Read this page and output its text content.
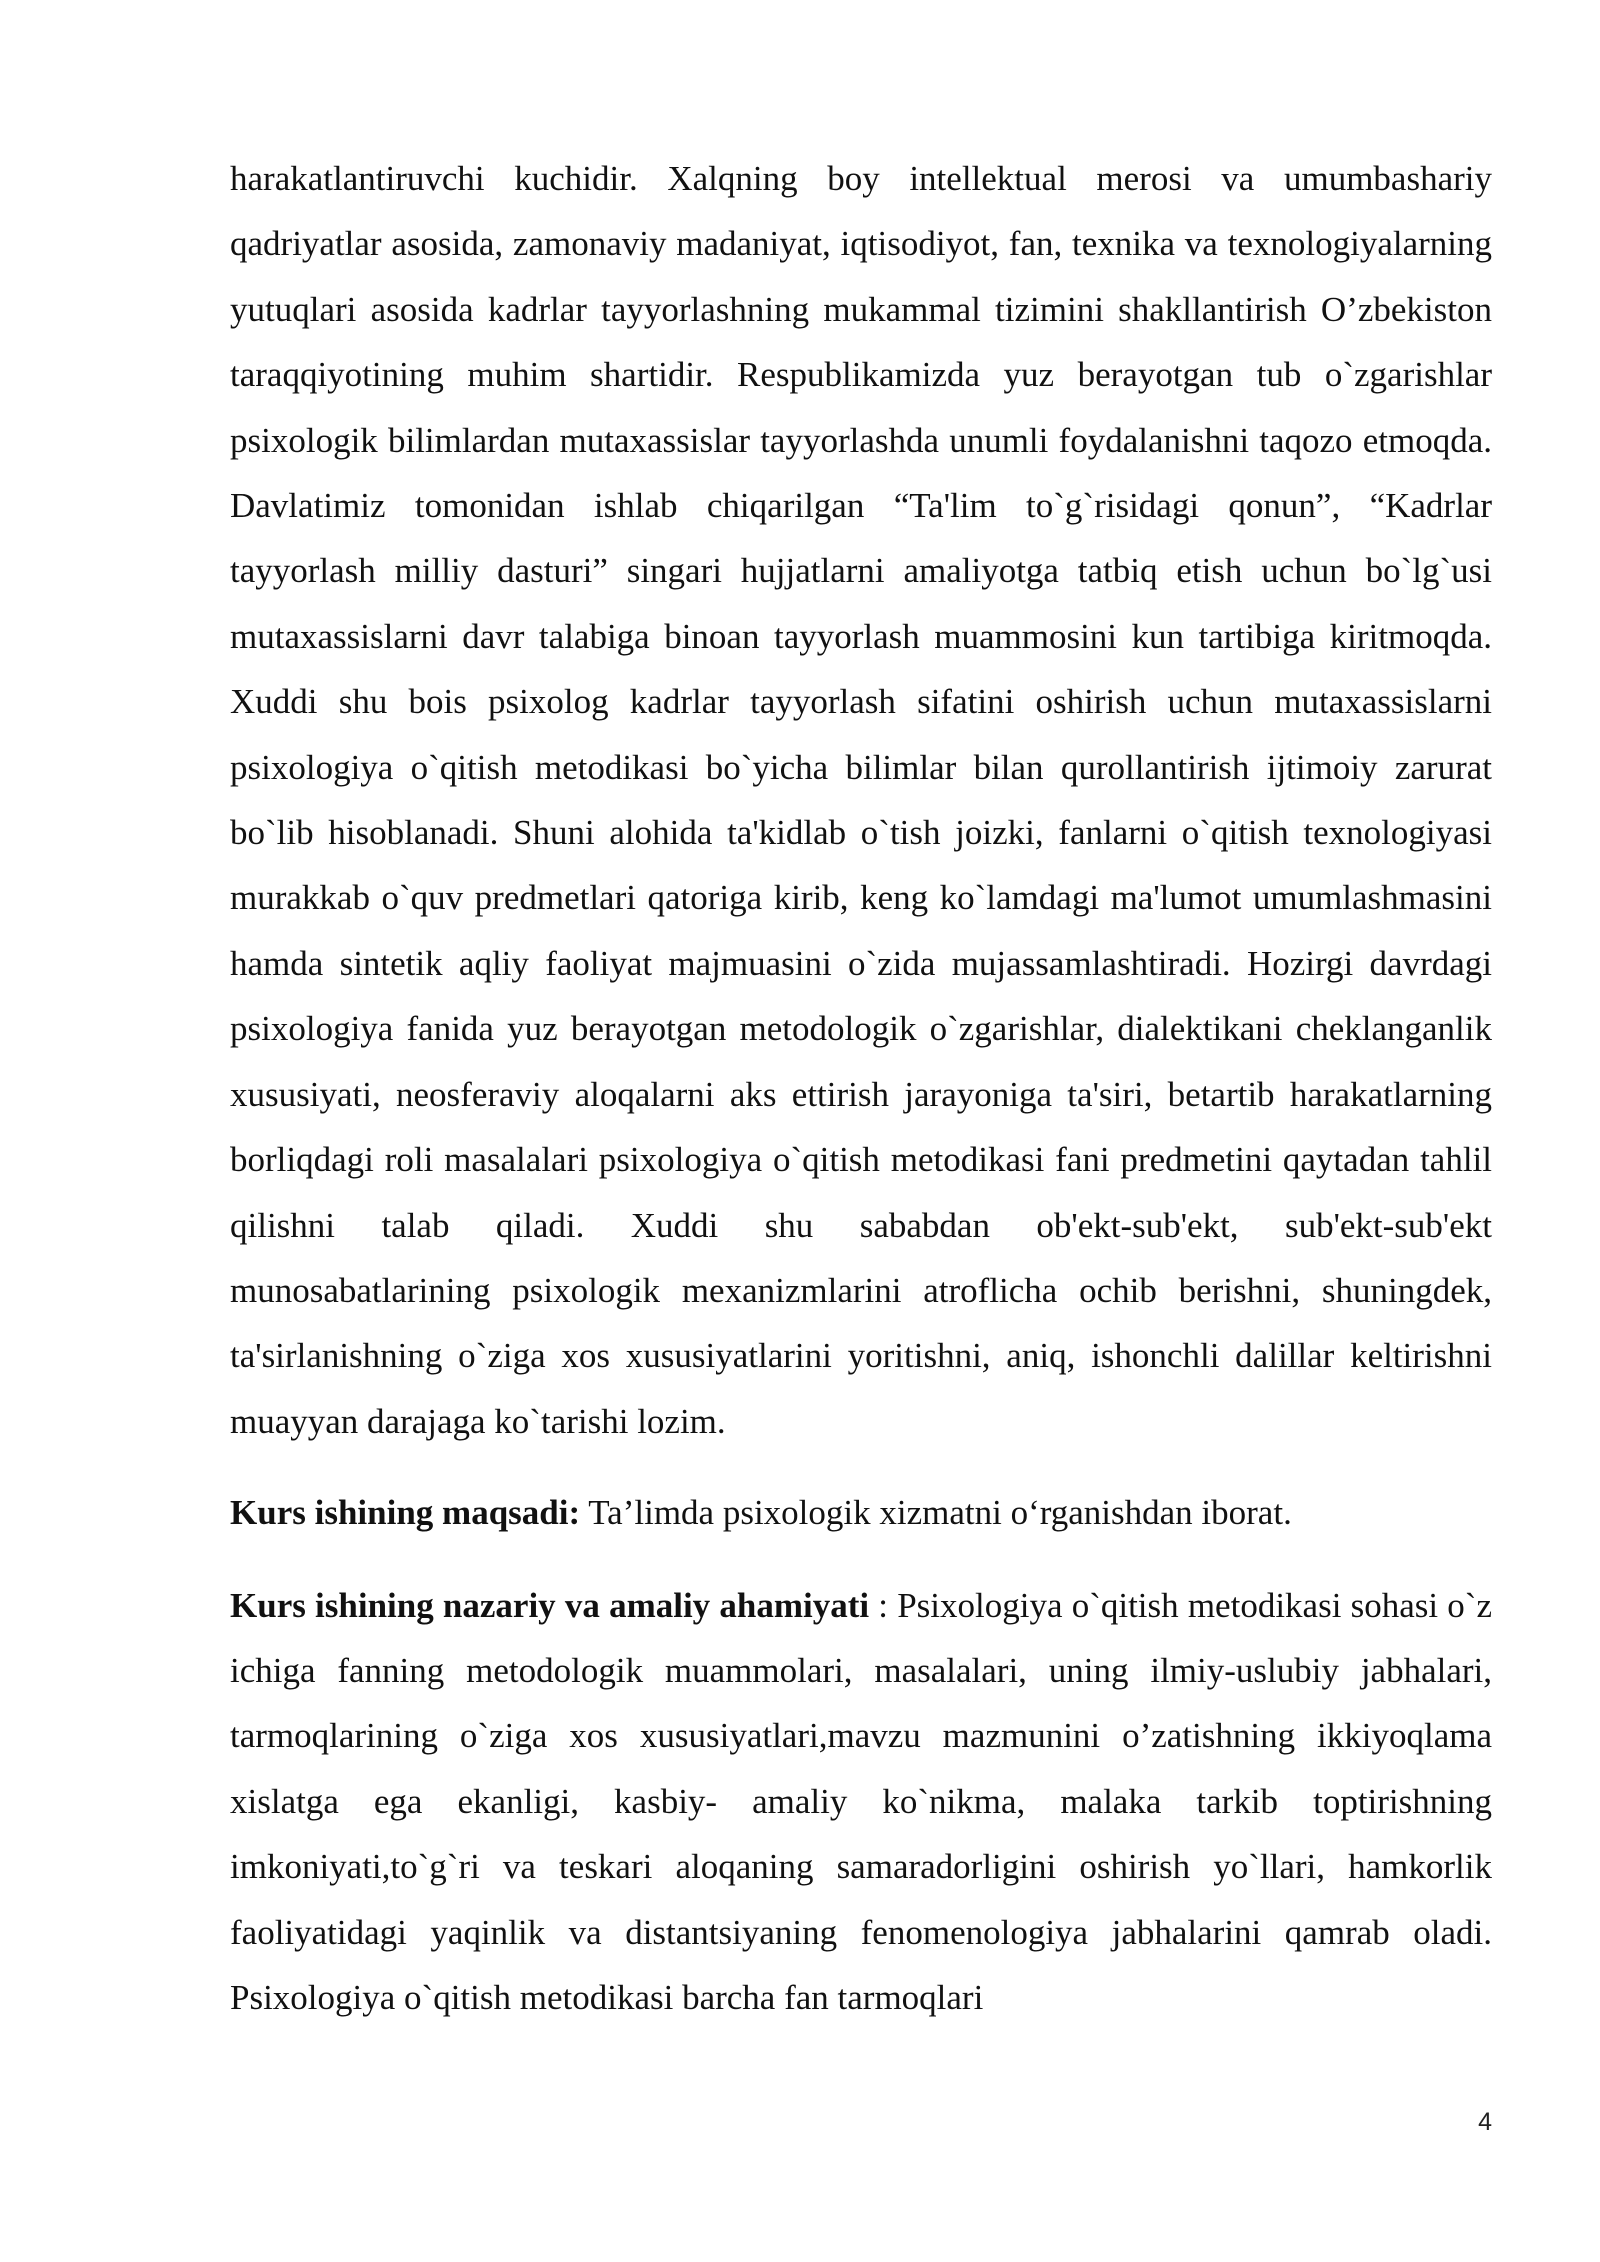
harakatlantiruvchi kuchidir. Xalqning boy intellektual merosi va umumbashariy qadriyatlar asosida, zamonaviy madaniyat, iqtisodiyot, fan, texnika va texnologiyalarning yutuqlari asosida kadrlar tayyorlashning mukammal tizimini shakllantirish O’zbekiston taraqqiyotining muhim shartidir. Respublikamizda yuz berayotgan tub o`zgarishlar psixologik bilimlardan mutaxassislar tayyorlashda unumli foydalanishni taqozo etmoqda. Davlatimiz tomonidan ishlab chiqarilgan “Ta'lim to`g`risidagi qonun”, “Kadrlar tayyorlash milliy dasturi” singari hujjatlarni amaliyotga tatbiq etish uchun bo`lg`usi mutaxassislarni davr talabiga binoan tayyorlash muammosini kun tartibiga kiritmoqda. Xuddi shu bois psixolog kadrlar tayyorlash sifatini oshirish uchun mutaxassislarni psixologiya o`qitish metodikasi bo`yicha bilimlar bilan qurollantirish ijtimoiy zarurat bo`lib hisoblanadi. Shuni alohida ta'kidlab o`tish joizki, fanlarni o`qitish texnologiyasi murakkab o`quv predmetlari qatoriga kirib, keng ko`lamdagi ma'lumot umumlashmasini hamda sintetik aqliy faoliyat majmuasini o`zida mujassamlashtiradi. Hozirgi davrdagi psixologiya fanida yuz berayotgan metodologik o`zgarishlar, dialektikani cheklanganlik xususiyati, neosferaviy aloqalarni aks ettirish jarayoniga ta'siri, betartib harakatlarning borliqdagi roli masalalari psixologiya o`qitish metodikasi fani predmetini qaytadan tahlil qilishni talab qiladi. Xuddi shu sababdan ob'ekt-sub'ekt, sub'ekt-sub'ekt munosabatlarining psixologik mexanizmlarini atroflicha ochib berishni, shuningdek, ta'sirlanishning o`ziga xos xususiyatlarini yoritishni, aniq, ishonchli dalillar keltirishni muayyan darajaga ko`tarishi lozim.

Kurs ishining maqsadi: Ta’limda psixologik xizmatni o‘rganishdan iborat.

Kurs ishining nazariy va amaliy ahamiyati : Psixologiya o`qitish metodikasi sohasi o`z ichiga fanning metodologik muammolari, masalalari, uning ilmiy-uslubiy jabhalari, tarmoqlarining o`ziga xos xususiyatlari,mavzu mazmunini o’zatishning ikkiyoqlama xislatga ega ekanligi, kasbiy- amaliy ko`nikma, malaka tarkib toptirishning imkoniyati,to`g`ri va teskari aloqaning samaradorligini oshirish yo`llari, hamkorlik faoliyatidagi yaqinlik va distantsiyaning fenomenologiya jabhalarini qamrab oladi. Psixologiya o`qitish metodikasi barcha fan tarmoqlari

4
